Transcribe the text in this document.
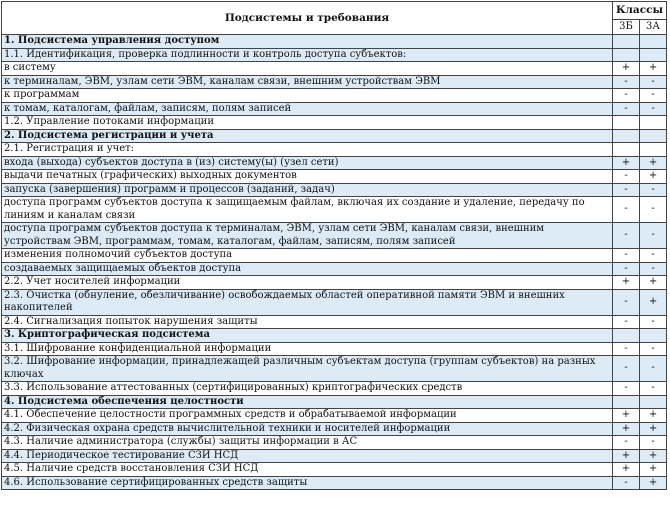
Подсистемы и требования	Классы	
	3Б	3А
1. Подсистема управления доступом		
1.1. Идентификация, проверка подлинности и контроль доступа субъектов:		
в систему	+	+
к терминалам, ЭВМ, узлам сети ЭВМ, каналам связи, внешним устройствам ЭВМ	-	-
к программам	-	-
к томам, каталогам, файлам, записям, полям записей	-	-
1.2. Управление потоками информации		
2. Подсистема регистрации и учета		
2.1. Регистрация и учет:		
входа (выхода) субъектов доступа в (из) систему(ы) (узел сети)	+	+
выдачи печатных (графических) выходных документов	-	+
запуска (завершения) программ и процессов (заданий, задач)	-	-
доступа программ субъектов доступа к защищаемым файлам, включая их создание и удаление, передачу по линиям и каналам связи	-	-
доступа программ субъектов доступа к терминалам, ЭВМ, узлам сети ЭВМ, каналам связи, внешним устройствам ЭВМ, программам, томам, каталогам, файлам, записям, полям записей	-	-
изменения полномочий субъектов доступа	-	-
создаваемых защищаемых объектов доступа	-	-
2.2. Учет носителей информации	+	+
2.3. Очистка (обнуление, обезличивание) освобождаемых областей оперативной памяти ЭВМ и внешних накопителей	-	+
2.4. Сигнализация попыток нарушения защиты	-	-
3. Криптографическая подсистема		
3.1. Шифрование конфиденциальной информации	-	-
3.2. Шифрование информации, принадлежащей различным субъектам доступа (группам субъектов) на разных ключах	-	-
3.3. Использование аттестованных (сертифицированных) криптографических средств	-	-
4. Подсистема обеспечения целостности		
4.1. Обеспечение целостности программных средств и обрабатываемой информации	+	+
4.2. Физическая охрана средств вычислительной техники и носителей информации	+	+
4.3. Наличие администратора (службы) защиты информации в АС	-	-
4.4. Периодическое тестирование СЗИ НСД	+	+
4.5. Наличие средств восстановления СЗИ НСД	+	+
4.6. Использование сертифицированных средств защиты	-	+
